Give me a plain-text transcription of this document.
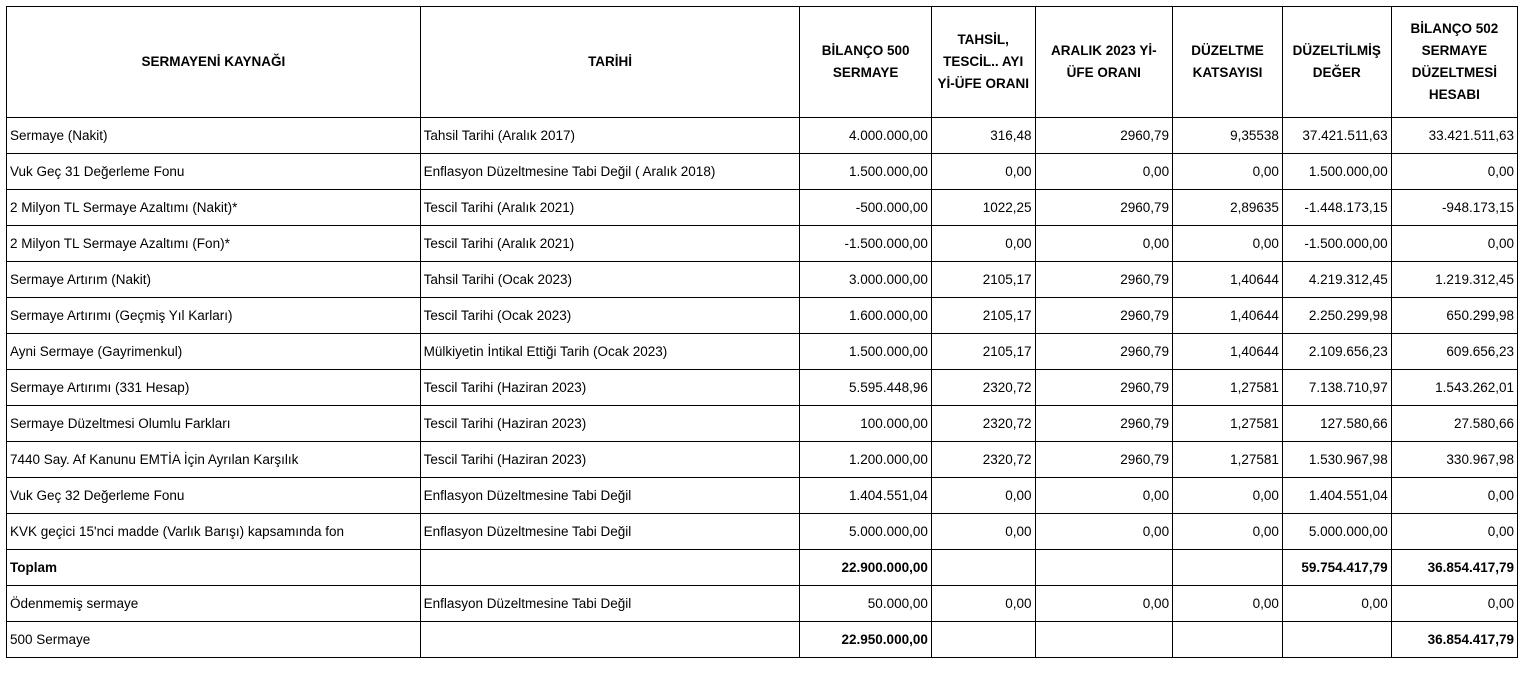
SERMAYENİ KAYNAĞI	TARİHİ	BİLANÇO 500 SERMAYE	TAHSİL, TESCİL.. AYI Yİ-ÜFE ORANI	ARALIK 2023 Yİ-ÜFE ORANI	DÜZELTME KATSAYISI	DÜZELTİLMİŞ DEĞER	BİLANÇO 502 SERMAYE DÜZELTMESİ HESABI
Sermaye (Nakit)	Tahsil Tarihi (Aralık 2017)	4.000.000,00	316,48	2960,79	9,35538	37.421.511,63	33.421.511,63
Vuk Geç 31 Değerleme Fonu	Enflasyon Düzeltmesine Tabi Değil ( Aralık 2018)	1.500.000,00	0,00	0,00	0,00	1.500.000,00	0,00
2 Milyon TL Sermaye Azaltımı (Nakit)*	Tescil Tarihi (Aralık 2021)	-500.000,00	1022,25	2960,79	2,89635	-1.448.173,15	-948.173,15
2 Milyon TL Sermaye Azaltımı (Fon)*	Tescil Tarihi (Aralık 2021)	-1.500.000,00	0,00	0,00	0,00	-1.500.000,00	0,00
Sermaye Artırım (Nakit)	Tahsil Tarihi (Ocak 2023)	3.000.000,00	2105,17	2960,79	1,40644	4.219.312,45	1.219.312,45
Sermaye Artırımı (Geçmiş Yıl Karları)	Tescil Tarihi (Ocak 2023)	1.600.000,00	2105,17	2960,79	1,40644	2.250.299,98	650.299,98
Ayni Sermaye (Gayrimenkul)	Mülkiyetin İntikal Ettiği Tarih (Ocak 2023)	1.500.000,00	2105,17	2960,79	1,40644	2.109.656,23	609.656,23
Sermaye Artırımı (331 Hesap)	Tescil Tarihi (Haziran 2023)	5.595.448,96	2320,72	2960,79	1,27581	7.138.710,97	1.543.262,01
Sermaye Düzeltmesi Olumlu Farkları	Tescil Tarihi (Haziran 2023)	100.000,00	2320,72	2960,79	1,27581	127.580,66	27.580,66
7440 Say. Af Kanunu EMTİA İçin Ayrılan Karşılık	Tescil Tarihi (Haziran 2023)	1.200.000,00	2320,72	2960,79	1,27581	1.530.967,98	330.967,98
Vuk Geç 32 Değerleme Fonu	Enflasyon Düzeltmesine Tabi Değil	1.404.551,04	0,00	0,00	0,00	1.404.551,04	0,00
KVK geçici 15'nci madde (Varlık Barışı) kapsamında fon	Enflasyon Düzeltmesine Tabi Değil	5.000.000,00	0,00	0,00	0,00	5.000.000,00	0,00
Toplam		22.900.000,00				59.754.417,79	36.854.417,79
Ödenmemiş sermaye	Enflasyon Düzeltmesine Tabi Değil	50.000,00	0,00	0,00	0,00	0,00	0,00
500 Sermaye		22.950.000,00					36.854.417,79
